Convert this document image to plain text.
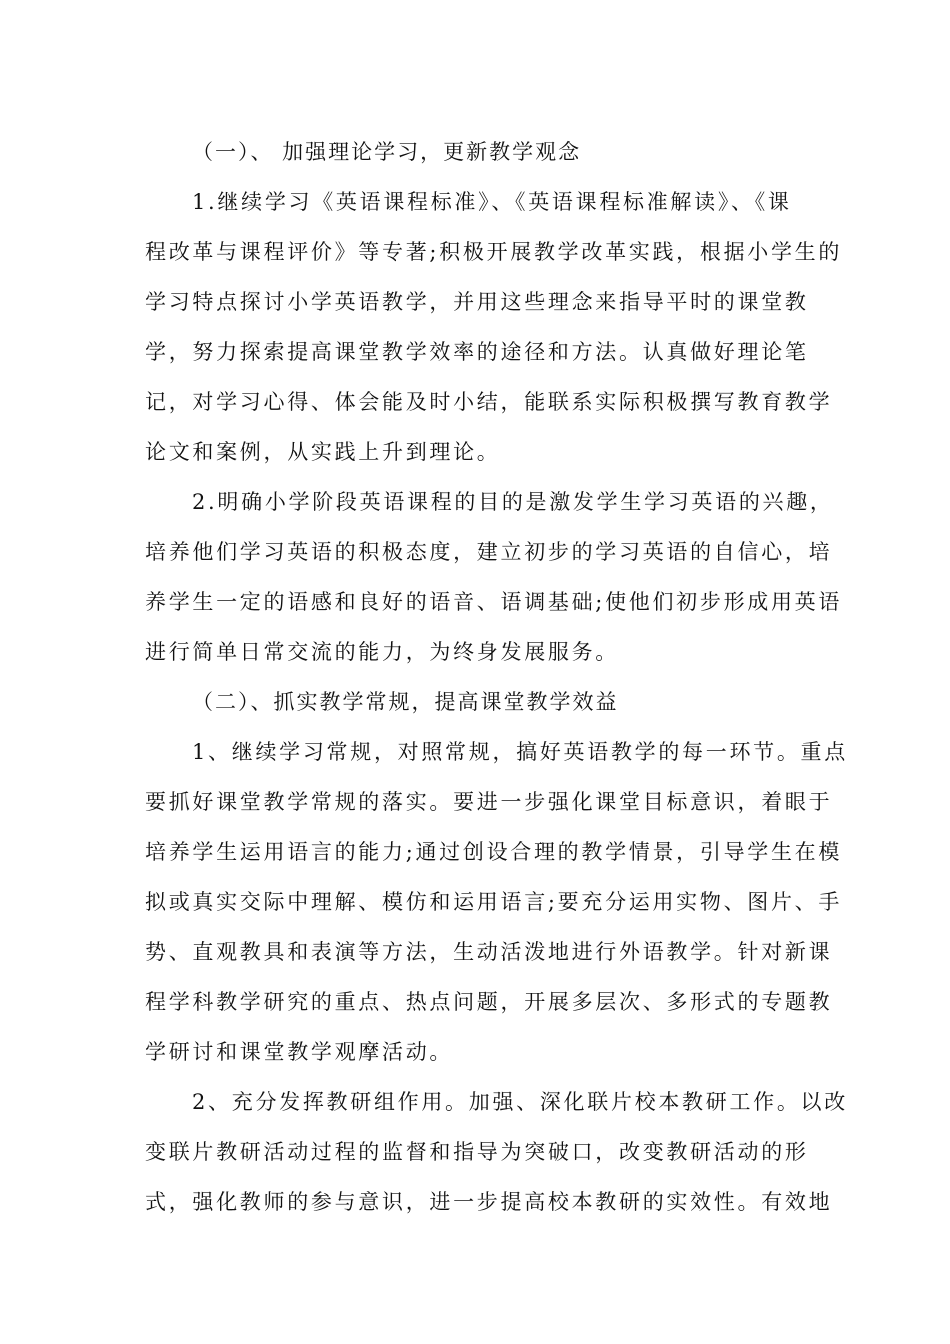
（一）、 加强理论学习，更新教学观念
1.继续学习《英语课程标准》、《英语课程标准解读》、《课
程改革与课程评价》等专著;积极开展教学改革实践，根据小学生的
学习特点探讨小学英语教学，并用这些理念来指导平时的课堂教
学，努力探索提高课堂教学效率的途径和方法。认真做好理论笔
记，对学习心得、体会能及时小结，能联系实际积极撰写教育教学
论文和案例，从实践上升到理论。
2.明确小学阶段英语课程的目的是激发学生学习英语的兴趣，
培养他们学习英语的积极态度，建立初步的学习英语的自信心，培
养学生一定的语感和良好的语音、语调基础;使他们初步形成用英语
进行简单日常交流的能力，为终身发展服务。
（二）、抓实教学常规，提高课堂教学效益
1、继续学习常规，对照常规，搞好英语教学的每一环节。重点
要抓好课堂教学常规的落实。要进一步强化课堂目标意识，着眼于
培养学生运用语言的能力;通过创设合理的教学情景，引导学生在模
拟或真实交际中理解、模仿和运用语言;要充分运用实物、图片、手
势、直观教具和表演等方法，生动活泼地进行外语教学。针对新课
程学科教学研究的重点、热点问题，开展多层次、多形式的专题教
学研讨和课堂教学观摩活动。
2、充分发挥教研组作用。加强、深化联片校本教研工作。以改
变联片教研活动过程的监督和指导为突破口，改变教研活动的形
式，强化教师的参与意识，进一步提高校本教研的实效性。有效地
